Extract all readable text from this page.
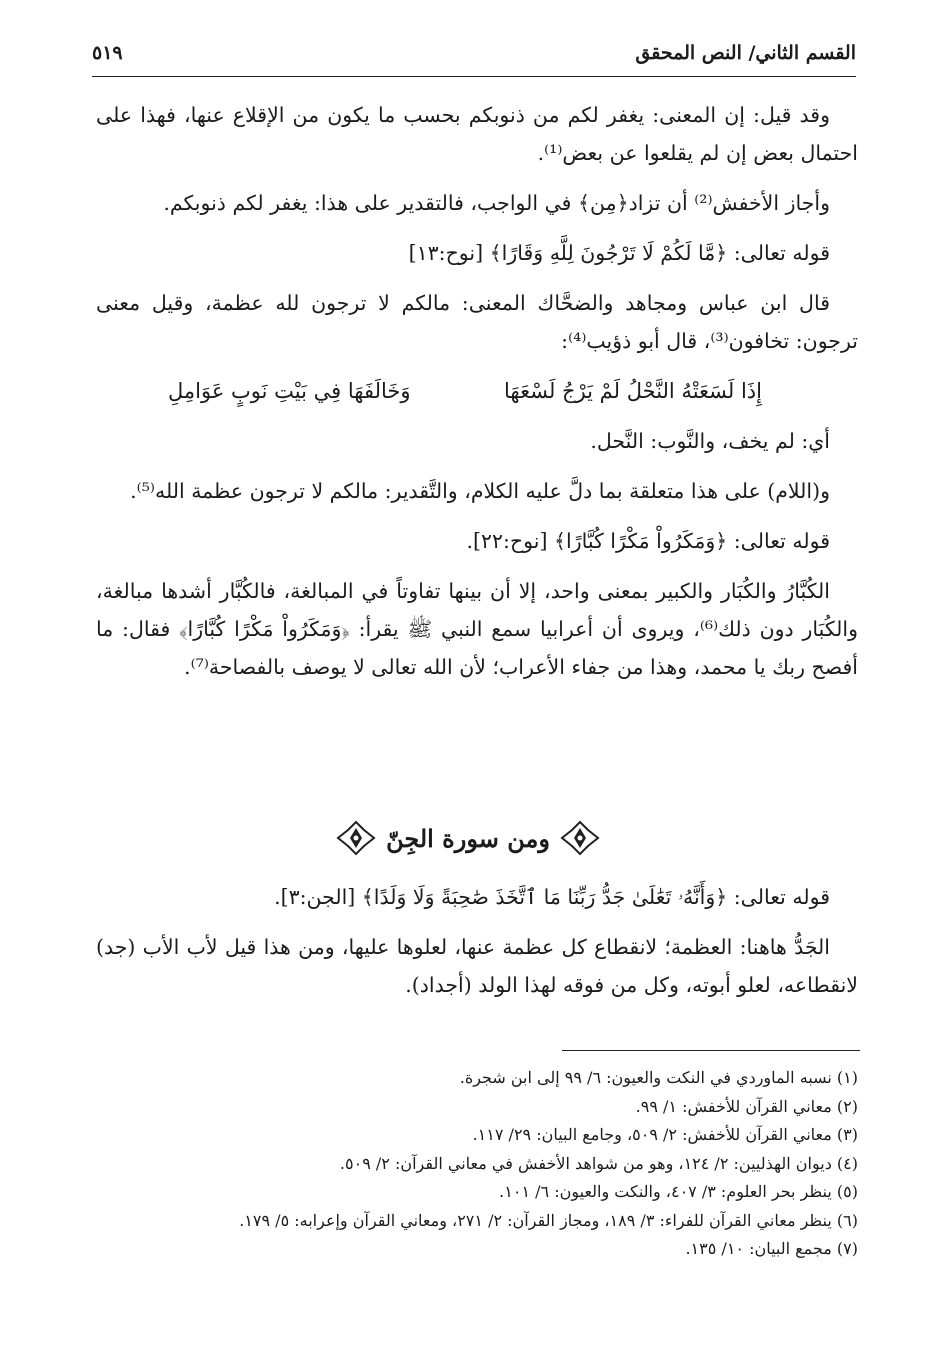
القسم الثاني/ النص المحقق
٥١٩

وقد قيل: إن المعنى: يغفر لكم من ذنوبكم بحسب ما يكون من الإقلاع عنها، فهذا على احتمال بعض إن لم يقلعوا عن بعض⁽¹⁾.

وأجاز الأخفش⁽²⁾ أن تزاد﴿مِن﴾ في الواجب، فالتقدير على هذا: يغفر لكم ذنوبكم.

قوله تعالى: ﴿مَّا لَكُمْ لَا تَرْجُونَ لِلَّهِ وَقَارًا﴾ [نوح:١٣]

قال ابن عباس ومجاهد والضحَّاك المعنى: مالكم لا ترجون لله عظمة، وقيل معنى ترجون: تخافون⁽³⁾، قال أبو ذؤيب⁽⁴⁾:

إِذَا لَسَعَتْهُ النَّحْلُ لَمْ يَرْجُ لَسْعَهَا
وَخَالَفَهَا فِي بَيْتِ نَوبٍ عَوَامِلِ

أي: لم يخف، والنَّوب: النَّحل.

و(اللام) على هذا متعلقة بما دلَّ عليه الكلام، والتَّقدير: مالكم لا ترجون عظمة الله⁽⁵⁾.

قوله تعالى: ﴿وَمَكَرُواْ مَكْرًا كُبَّارًا﴾ [نوح:٢٢].

الكُبَّارُ والكُبَار والكبير بمعنى واحد، إلا أن بينها تفاوتاً في المبالغة، فالكُبَّار أشدها مبالغة، والكُبَار دون ذلك⁽⁶⁾، ويروى أن أعرابيا سمع النبي ﷺ يقرأ: ﴿وَمَكَرُواْ مَكْرًا كُبَّارًا﴾ فقال: ما أفصح ربك يا محمد، وهذا من جفاء الأعراب؛ لأن الله تعالى لا يوصف بالفصاحة⁽⁷⁾.

ومن سورة الجِنّ

قوله تعالى: ﴿وَأَنَّهُۥ تَعَٰلَىٰ جَدُّ رَبِّنَا مَا ٱتَّخَذَ صَٰحِبَةً وَلَا وَلَدًا﴾ [الجن:٣].

الجَدُّ هاهنا: العظمة؛ لانقطاع كل عظمة عنها، لعلوها عليها، ومن هذا قيل لأب الأب (جد) لانقطاعه، لعلو أبوته، وكل من فوقه لهذا الولد (أجداد).

(١) نسبه الماوردي في النكت والعيون: ٦/ ٩٩ إلى ابن شجرة.
(٢) معاني القرآن للأخفش: ١/ ٩٩.
(٣) معاني القرآن للأخفش: ٢/ ٥٠٩، وجامع البيان: ٢٩/ ١١٧.
(٤) ديوان الهذليين: ٢/ ١٢٤، وهو من شواهد الأخفش في معاني القرآن: ٢/ ٥٠٩.
(٥) ينظر بحر العلوم: ٣/ ٤٠٧، والنكت والعيون: ٦/ ١٠١.
(٦) ينظر معاني القرآن للفراء: ٣/ ١٨٩، ومجاز القرآن: ٢/ ٢٧١، ومعاني القرآن وإعرابه: ٥/ ١٧٩.
(٧) مجمع البيان: ١٠/ ١٣٥.
